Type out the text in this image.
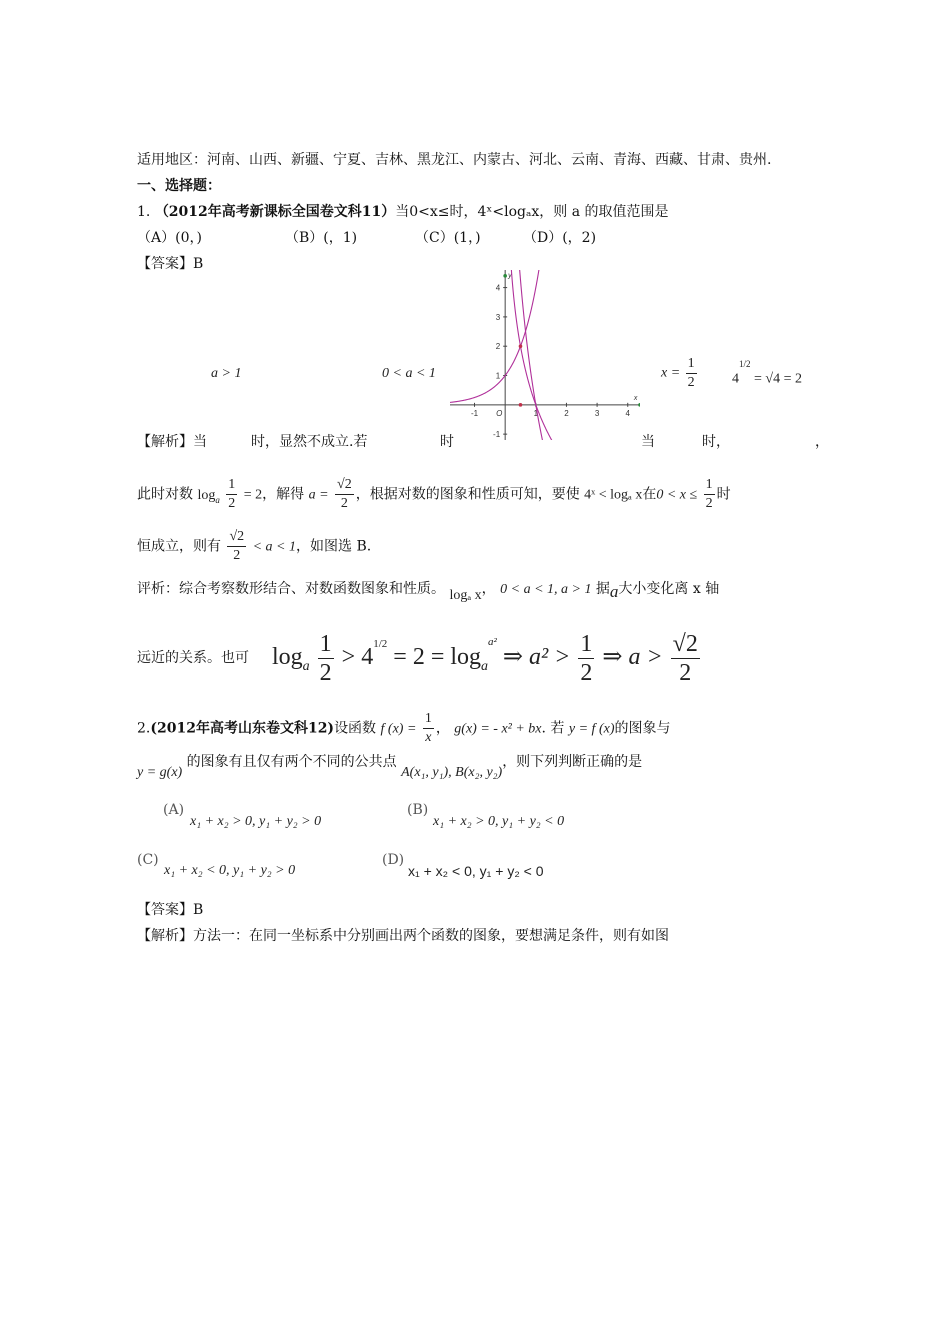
适用地区：河南、山西、新疆、宁夏、吉林、黑龙江、内蒙古、河北、云南、青海、西藏、甘肃、贵州.
一、选择题：
1. （2012年高考新课标全国卷文科11）当0<x≤时，4ˣ<logₐx，则 a 的取值范围是
（A）(0，)	（B）(，1)	（C）(1，)	（D）(，2)
【答案】B
a > 1	0 < a < 1	$x = \frac{1}{2}$	$4^{1/2} = √4 = 2$
-1	1	2	3	4
-1
1
2
3
4
O
x
y
【解析】当	时，显然不成立.若	时	当	时，	，
此时对数 $\log_a \frac{1}{2} = 2$，解得 $a = \frac{√2}{2}$ ，根据对数的图象和性质可知，要使 4ˣ < logₐ x在$0 < x \le \frac{1}{2}$ 时
恒成立，则有 $\frac{√2}{2} < a < 1$，如图选 B.
评析：综合考察数形结合、对数函数图象和性质。 logₐ x， 0 < a < 1, a > 1 据a大小变化离 x 轴
远近的关系。也可 $\log_a \frac{1}{2} > 4^{1/2} = 2 = \log_a^{a^2}$ ⇒ $a^2 > \frac{1}{2}$ ⇒ $a > \frac{√2}{2}$
2.(2012年高考山东卷文科12)设函数 f $(x) = \frac{1}{x}$ ， g(x) = - x² + bx. 若 y = f (x)的图象与
y = g(x) 的图象有且仅有两个不同的公共点 A(x₁, y₁), B(x₂, y₂)，则下列判断正确的是
(A)
x₁ + x₂ > 0, y₁ + y₂ > 0
(B)
x₁ + x₂ > 0, y₁ + y₂ < 0
(C)
x₁ + x₂ < 0, y₁ + y₂ > 0
(D)
x₁ + x₂ < 0, y₁ + y₂ < 0
【答案】B
【解析】方法一：在同一坐标系中分别画出两个函数的图象，要想满足条件，则有如图
